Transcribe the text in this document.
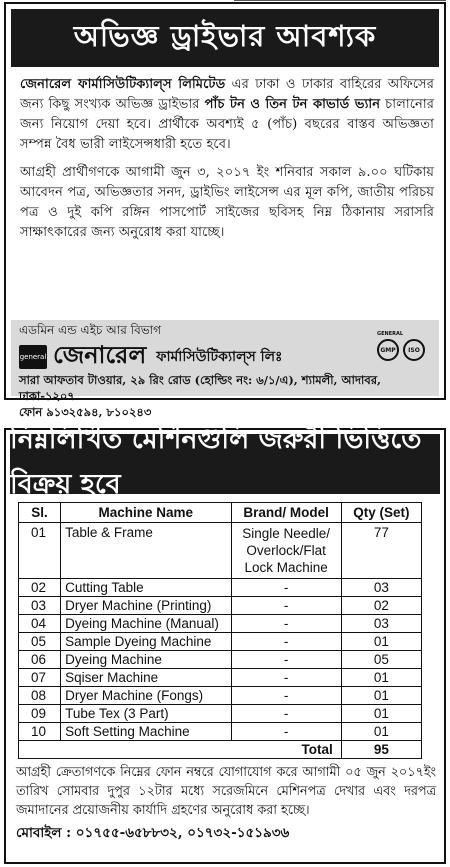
অভিজ্ঞ ড্রাইভার আবশ্যক

জেনারেল ফার্মাসিউটিক্যাল্‌স লিমিটেড এর ঢাকা ও ঢাকার বাহিরের অফিসের জন্য কিছু সংখ্যক অভিজ্ঞ ড্রাইভার পাঁচ টন ও তিন টন কাভার্ড ভ্যান চালানোর জন্য নিয়োগ দেয়া হবে। প্রার্থীকে অবশ্যই ৫ (পাঁচ) বছরের বাস্তব অভিজ্ঞতা সম্পন্ন বৈধ ভারী লাইসেন্সধারী হতে হবে।

আগ্রহী প্রার্থীগণকে আগামী জুন ৩, ২০১৭ ইং শনিবার সকাল ৯.০০ ঘটিকায় আবেদন পত্র, অভিজ্ঞতার সনদ, ড্রাইভিং লাইসেন্স এর মূল কপি, জাতীয় পরিচয় পত্র ও দুই কপি রঙ্গিন পাসপোর্ট সাইজের ছবিসহ নিম্ন ঠিকানায় সরাসরি সাক্ষাৎকারের জন্য অনুরোধ করা যাচ্ছে।

এডমিন এন্ড এইচ আর বিভাগ
general জেনারেল ফার্মাসিউটিক্যাল্‌স লিঃ
GENERAL
GMP	ISO
সারা আফতাব টাওয়ার, ২৯ রিং রোড (হোল্ডিং নং: ৬/১/এ), শ্যামলী, আদাবর, ঢাকা-১২০৭
ফোন ৯১৩২৫৯৪, ৮১০২৪৩
নিম্নলিখিত মেশিনগুলি জরুরী ভিত্তিতে বিক্রয় হবে
Sl.	Machine Name	Brand/ Model	Qty (Set)
01	Table & Frame	Single Needle/ Overlock/Flat Lock Machine	77
02	Cutting Table	-	03
03	Dryer Machine (Printing)	-	02
04	Dyeing Machine (Manual)	-	03
05	Sample Dyeing Machine	-	01
06	Dyeing Machine	-	05
07	Sqiser Machine	-	01
08	Dryer Machine (Fongs)	-	01
09	Tube Tex (3 Part)	-	01
10	Soft Setting Machine	-	01
Total			95
আগ্রহী ক্রেতাগণকে নিম্নের ফোন নম্বরে যোগাযোগ করে আগামী ০৫ জুন ২০১৭ইং তারিখ সোমবার দুপুর ১২টার মধ্যে সরেজমিনে মেশিনপত্র দেখার এবং দরপত্র জমাদানের প্রয়োজনীয় কার্যাদি গ্রহণের অনুরোধ করা হচ্ছে।
মোবাইল : ০১৭৫৫-৬৫৮৮৩২, ০১৭৩২-১৫১৯৩৬
